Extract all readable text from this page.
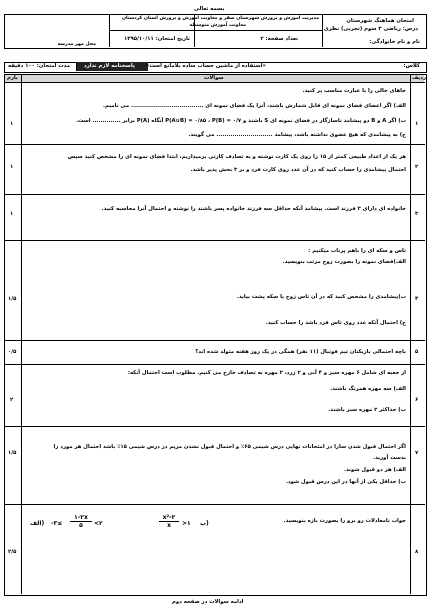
بسمه تعالی
امتحان هماهنگ شهرستان
درس: ریاضی ۳ سوم (تجربی) نظری
مدیریت آموزش و پرورش شهرستان سقز و معاونت آموزش و پرورش استان کردستان
معاونت آموزش متوسطه
نام و نام خانوادگی:
تعداد صفحه: ۲
تاریخ امتحان: ۱۳۹۵/۱۰/۱۱
محل مهر مدرسه
مدت امتحان: ۱۰۰ دقیقه	پاسخنامه لازم ندارد «استفاده از ماشین حساب ساده بلامانع است»	کلاس:
بارم	سوالات	ردیف
۱
۱
جاهای خالی را با عبارت مناسب پر کنید.
الف) اگر اعضای فضای نمونه ای قابل شمارش باشند، آنرا یک فضای نمونه ای .................................... می نامیم.
ب) اگر A و B دو پیشامد ناسازگار در فضای نمونه ای S باشند و P(A∪B) = ۰/۸۵ ، P(B) = ۰/۷ آنگاه P(A) برابر .............. است.
ج) به پیشامدی که هیچ عضوی نداشته باشد، پیشامد ............................ می گویند.
۲
۱
هر یک از اعداد طبیعی کمتر از ۱۵ را روی یک کارت نوشته و به تصادف کارتی برمیداریم، ابتدا فضای نمونه ای را مشخص کنید سپس
احتمال پیشامدی را حساب کنید که در آن عدد روی کارت فرد و بر ۳ بخش پذیر باشد.
۳
۱
خانواده ای دارای ۳ فرزند است. پیشامد آنکه حداقل سه فرزند خانواده پسر باشند را نوشته و احتمال آنرا محاسبه کنید.
۴
۱/۵
تاس و سکه ای را باهم پرتاب میکنیم :
الف)فضای نمونه را بصورت زوج مرتب بنویسید.
ب)پیشامدی را مشخص کنید که در آن تاس زوج یا سکه پشت بیاید.
ج) احتمال آنکه عدد روی تاس فرد باشد را حساب کنید.
۵
۰/۵	باچه احتمالی بازیکنان تیم فوتبال (۱۱ نفر) همگی در یک روز هفته متولد شده اند؟
۶
۲
از جعبه ای شامل ۶ مهره سبز و ۴ آبی و ۲ زرد، ۳ مهره به تصادف خارج می کنیم. مطلوب است احتمال آنکه:
الف) سه مهره همرنگ باشند.
ب) حداکثر ۲ مهره سبز باشند.
۷
۱/۵
اگر احتمال قبول شدن سارا در امتحانات نهایی درس شیمی ۶۵٪ و احتمال قبول نشدن مریم در درس شیمی ۱۵٪ باشد احتمال هر مورد را
بدست آورید.
الف) هر دو قبول شوند.
ب) حداقل یکی از آنها در این درس قبول شود.
۸
۲/۵
جواب نامعادلات رو برو را بصورت بازه بنویسید.
الف) -۳≤
۱-۲x
۵	<۲
x²-۲
x	>۱ ب)
ادامه سوالات در صفحه دوم
